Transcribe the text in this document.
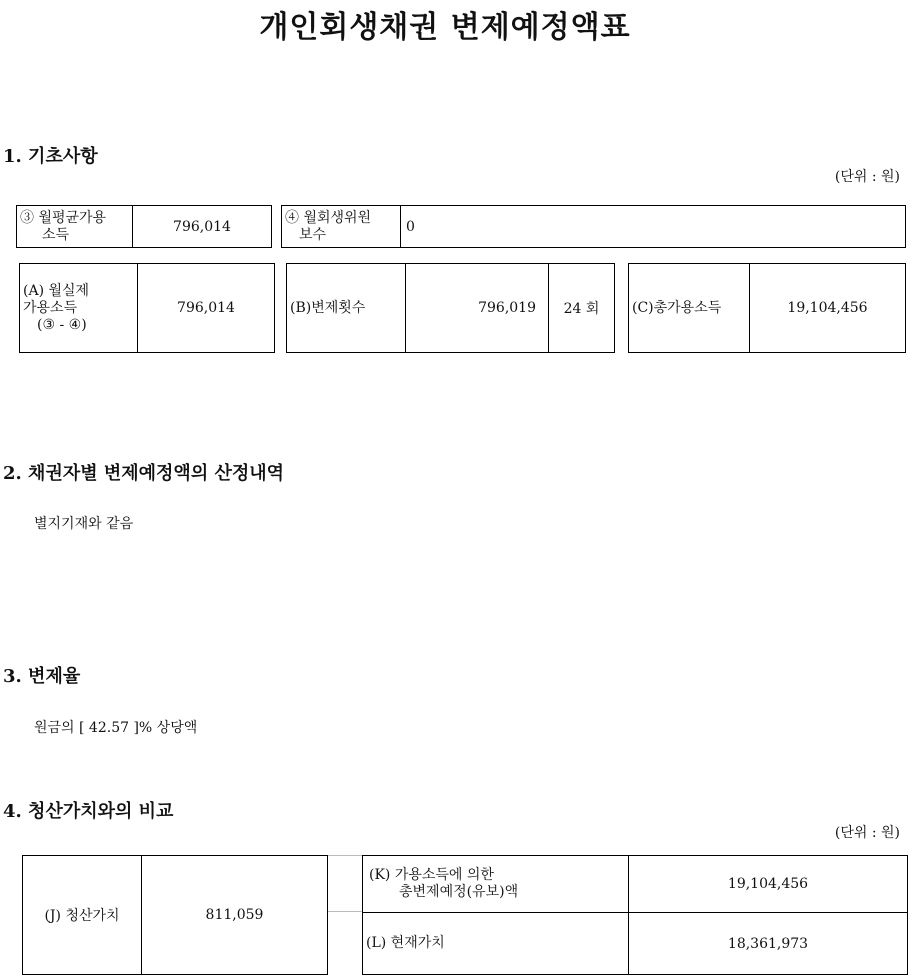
개인회생채권 변제예정액표
1. 기초사항
(단위 : 원)
③ 월평균가용
소득	796,014
④ 월회생위원
보수	0
(A) 월실제
가용소득
(③ - ④)
796,014	(B)변제횟수	796,019	24 회	(C)총가용소득	19,104,456
2. 채권자별 변제예정액의 산정내역
별지기재와 같음
3. 변제율
원금의 [ 42.57 ]% 상당액
4. 청산가치와의 비교
(단위 : 원)
(J) 청산가치	811,059
(K) 가용소득에 의한
총변제예정(유보)액	19,104,456
(L) 현재가치	18,361,973
